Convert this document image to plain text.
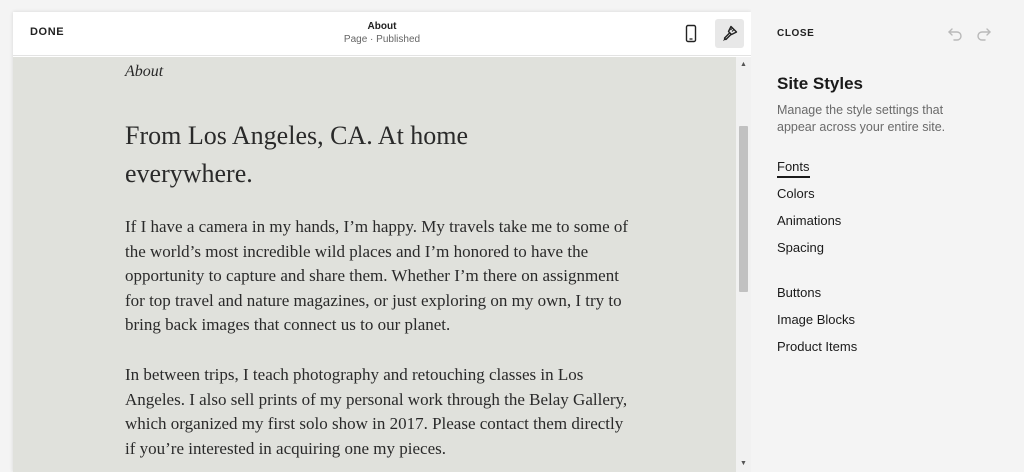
DONE	About
Page · Published
About
From Los Angeles, CA. At home everywhere.
If I have a camera in my hands, I’m happy. My travels take me to some of the world’s most incredible wild places and I’m honored to have the opportunity to capture and share them. Whether I’m there on assignment for top travel and nature magazines, or just exploring on my own, I try to bring back images that connect us to our planet.
In between trips, I teach photography and retouching classes in Los Angeles. I also sell prints of my personal work through the Belay Gallery, which organized my first solo show in 2017. Please contact them directly if you’re interested in acquiring one my pieces.
▲
▼
CLOSE
Site Styles
Manage the style settings that appear across your entire site.
Fonts
Colors
Animations
Spacing
Buttons
Image Blocks
Product Items
